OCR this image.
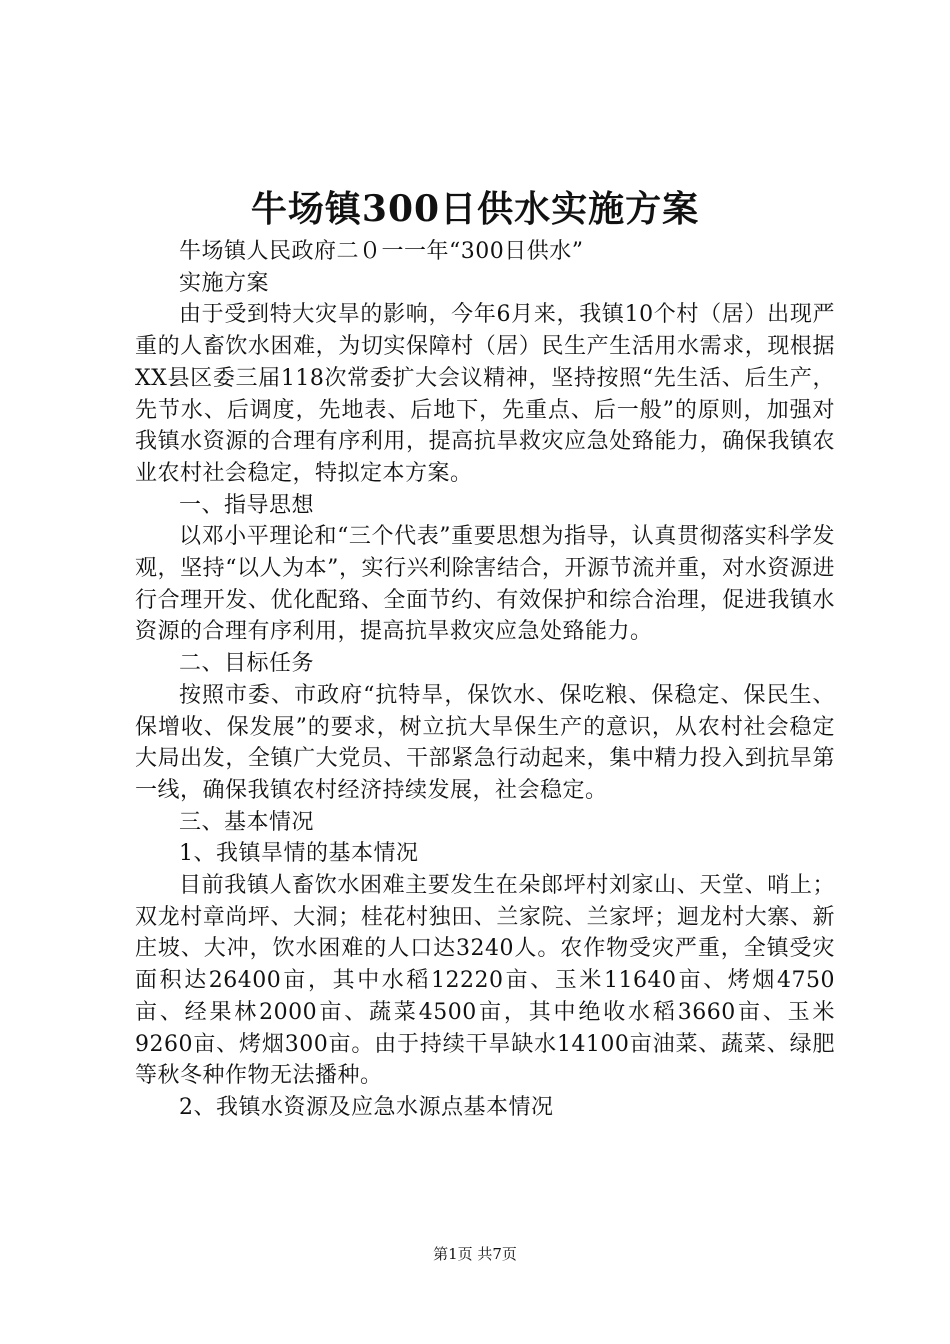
牛场镇300日供水实施方案

牛场镇人民政府二０一一年“300日供水”

实施方案

由于受到特大灾旱的影响，今年6月来，我镇10个村（居）出现严重的人畜饮水困难，为切实保障村（居）民生产生活用水需求，现根据XX县区委三届118次常委扩大会议精神，坚持按照“先生活、后生产，先节水、后调度，先地表、后地下，先重点、后一般”的原则，加强对我镇水资源的合理有序利用，提高抗旱救灾应急处臵能力，确保我镇农业农村社会稳定，特拟定本方案。

一、指导思想

以邓小平理论和“三个代表”重要思想为指导，认真贯彻落实科学发观，坚持“以人为本”，实行兴利除害结合，开源节流并重，对水资源进行合理开发、优化配臵、全面节约、有效保护和综合治理，促进我镇水资源的合理有序利用，提高抗旱救灾应急处臵能力。

二、目标任务

按照市委、市政府“抗特旱，保饮水、保吃粮、保稳定、保民生、保增收、保发展”的要求，树立抗大旱保生产的意识，从农村社会稳定大局出发，全镇广大党员、干部紧急行动起来，集中精力投入到抗旱第一线，确保我镇农村经济持续发展，社会稳定。

三、基本情况

1、我镇旱情的基本情况

目前我镇人畜饮水困难主要发生在朵郎坪村刘家山、天堂、哨上；双龙村章尚坪、大洞；桂花村独田、兰家院、兰家坪；迴龙村大寨、新庄坡、大冲，饮水困难的人口达3240人。农作物受灾严重，全镇受灾面积达26400亩，其中水稻12220亩、玉米11640亩、烤烟4750亩、经果林2000亩、蔬菜4500亩，其中绝收水稻3660亩、玉米9260亩、烤烟300亩。由于持续干旱缺水14100亩油菜、蔬菜、绿肥等秋冬种作物无法播种。

2、我镇水资源及应急水源点基本情况

第1页 共7页
